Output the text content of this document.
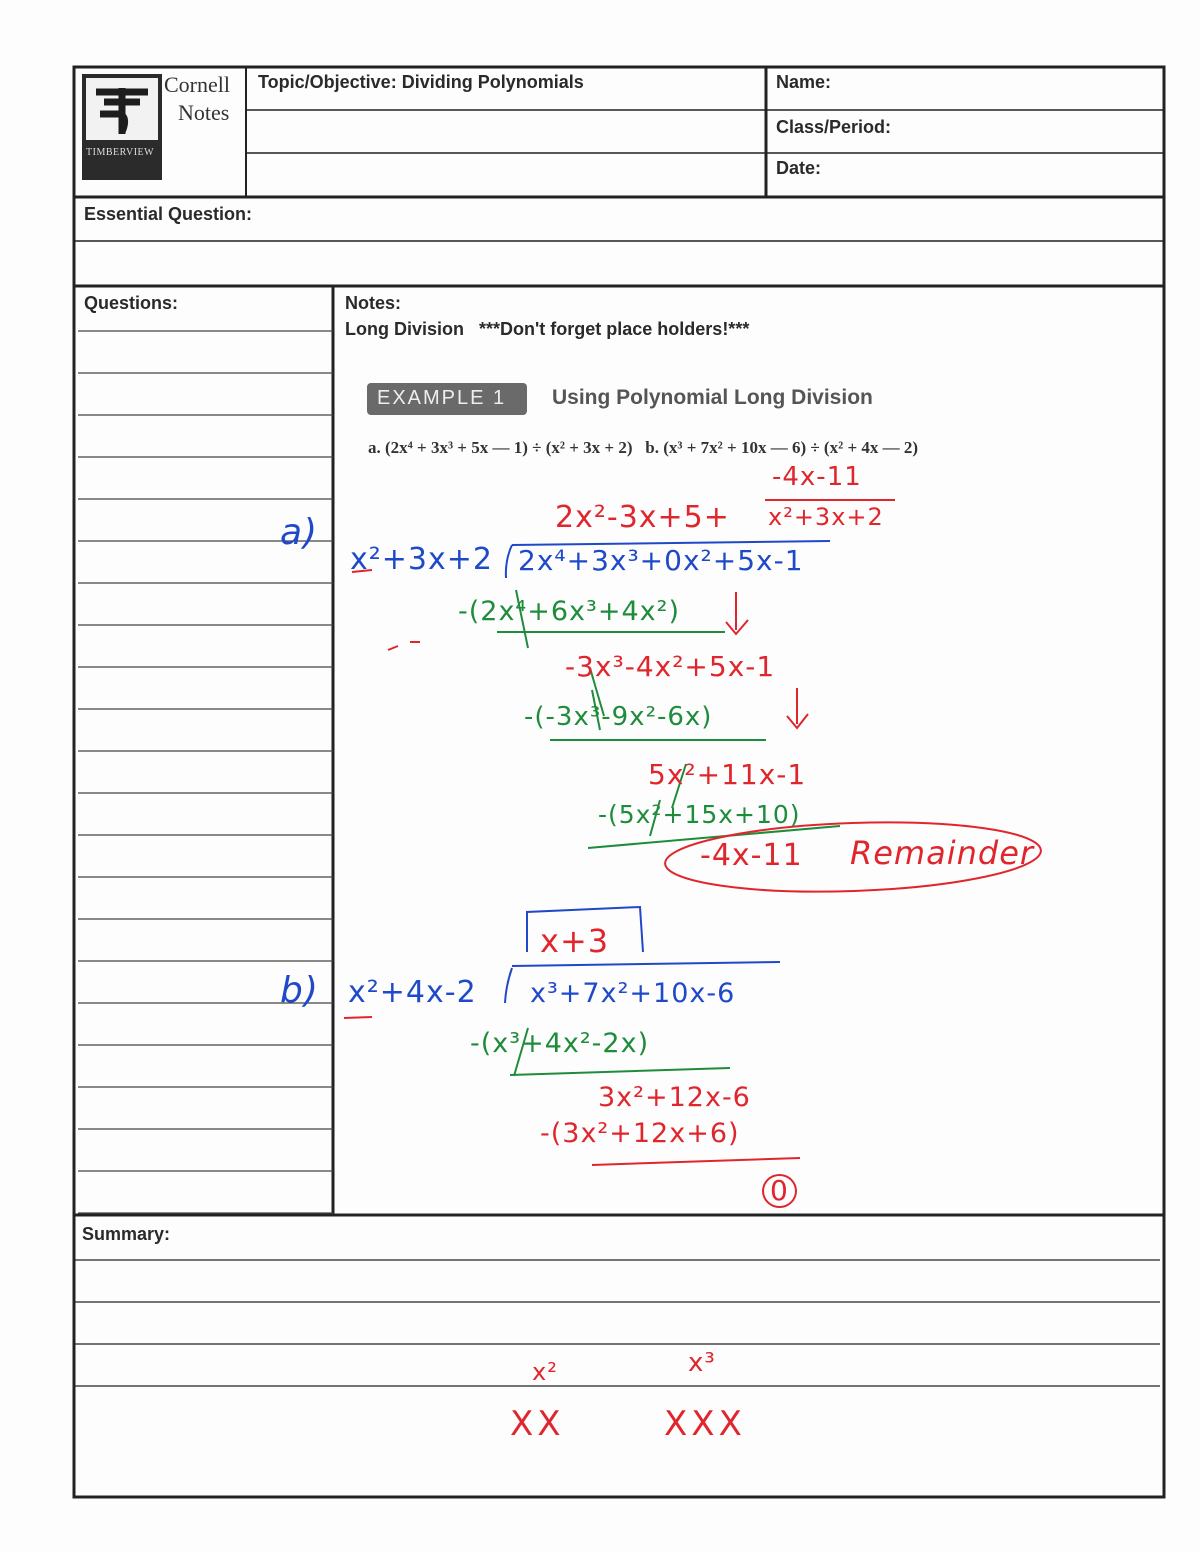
Cornell
Notes
TIMBERVIEW
Topic/Objective: Dividing Polynomials	Name:
Class/Period:
Date:
Essential Question:
Questions:	Notes:
Long Division   ***Don't forget place holders!***
EXAMPLE 1	Using Polynomial Long Division
a. (2x⁴ + 3x³ + 5x — 1) ÷ (x² + 3x + 2)   b. (x³ + 7x² + 10x — 6) ÷ (x² + 4x — 2)
a)
b)
-4x-11
x²+3x+2
2x²-3x+5+
x²+3x+2 2x⁴+3x³+0x²+5x-1
-(2x⁴+6x³+4x²)
-3x³-4x²+5x-1
-(-3x³-9x²-6x)
5x²+11x-1
-(5x²+15x+10)
-4x-11 Remainder
x+3
x²+4x-2 x³+7x²+10x-6
-(x³+4x²-2x)
3x²+12x-6
-(3x²+12x+6)
0
Summary:
x²
XX
x³
XXX
